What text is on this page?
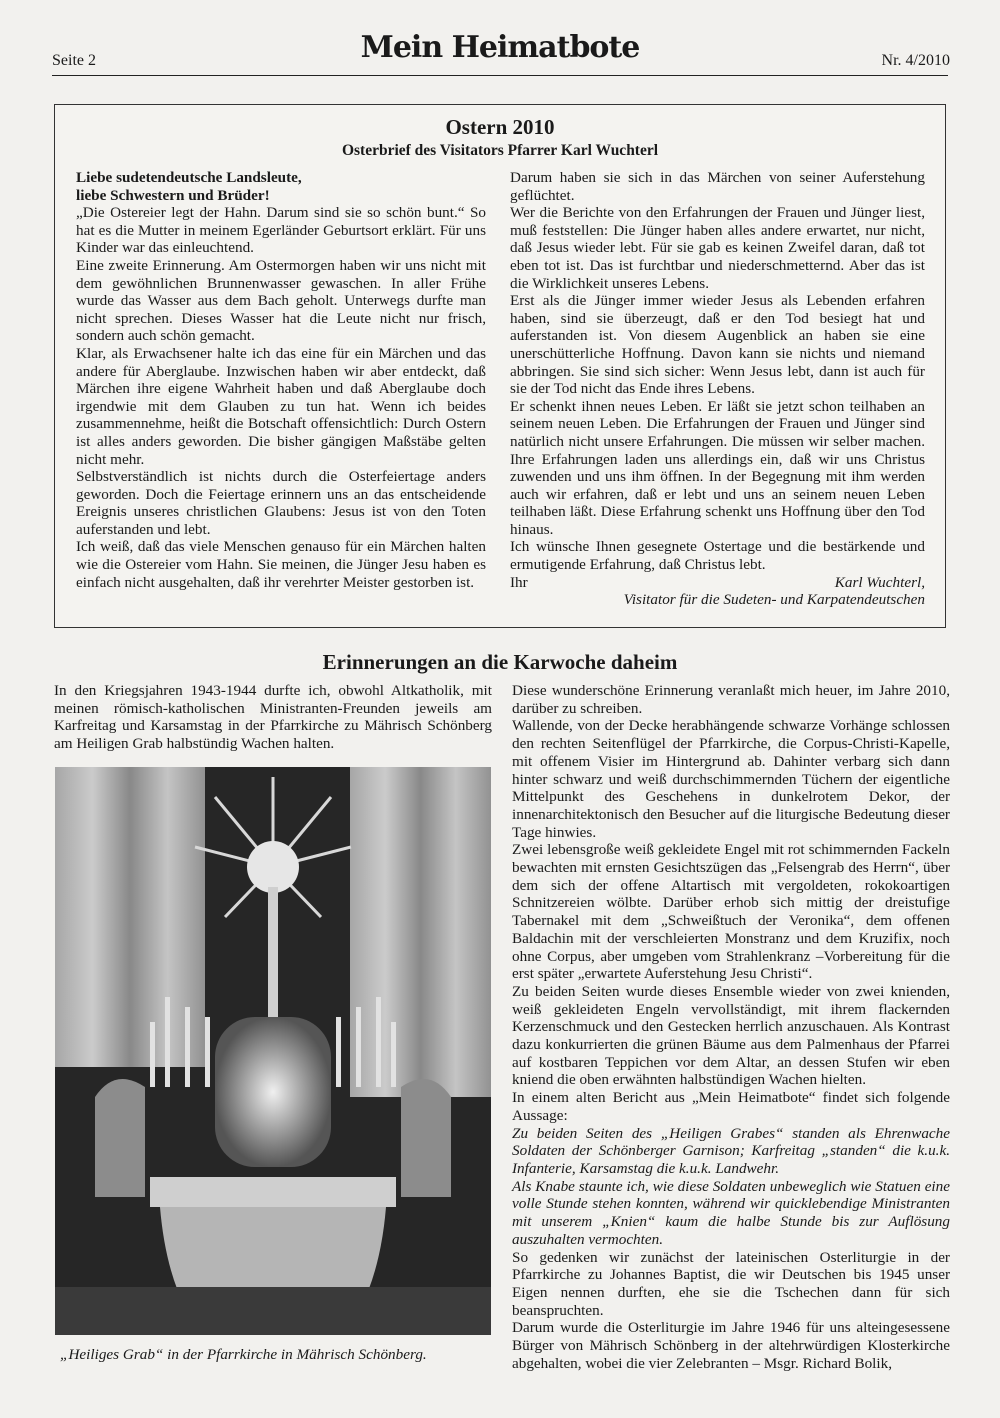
Seite 2	Mein Heimatbote	Nr. 4/2010
Ostern 2010
Osterbrief des Visitators Pfarrer Karl Wuchterl

Liebe sudetendeutsche Landsleute,

liebe Schwestern und Brüder!

„Die Ostereier legt der Hahn. Darum sind sie so schön bunt.“ So hat es die Mutter in meinem Egerländer Geburtsort erklärt. Für uns Kinder war das einleuchtend.

Eine zweite Erinnerung. Am Ostermorgen haben wir uns nicht mit dem gewöhnlichen Brunnenwasser gewaschen. In aller Frühe wurde das Wasser aus dem Bach geholt. Unterwegs durfte man nicht sprechen. Dieses Wasser hat die Leute nicht nur frisch, sondern auch schön gemacht.

Klar, als Erwachsener halte ich das eine für ein Märchen und das andere für Aberglaube. Inzwischen haben wir aber entdeckt, daß Märchen ihre eigene Wahrheit haben und daß Aberglaube doch irgendwie mit dem Glauben zu tun hat. Wenn ich beides zusammennehme, heißt die Botschaft offensichtlich: Durch Ostern ist alles anders geworden. Die bisher gängigen Maßstäbe gelten nicht mehr.

Selbstverständlich ist nichts durch die Osterfeiertage anders geworden. Doch die Feiertage erinnern uns an das entscheidende Ereignis unseres christlichen Glaubens: Jesus ist von den Toten auferstanden und lebt.

Ich weiß, daß das viele Menschen genauso für ein Märchen halten wie die Ostereier vom Hahn. Sie meinen, die Jünger Jesu haben es einfach nicht ausgehalten, daß ihr verehrter Meister gestorben ist.

Darum haben sie sich in das Märchen von seiner Auferstehung geflüchtet.

Wer die Berichte von den Erfahrungen der Frauen und Jünger liest, muß feststellen: Die Jünger haben alles andere erwartet, nur nicht, daß Jesus wieder lebt. Für sie gab es keinen Zweifel daran, daß tot eben tot ist. Das ist furchtbar und niederschmetternd. Aber das ist die Wirklichkeit unseres Lebens.

Erst als die Jünger immer wieder Jesus als Lebenden erfahren haben, sind sie überzeugt, daß er den Tod besiegt hat und auferstanden ist. Von diesem Augenblick an haben sie eine unerschütterliche Hoffnung. Davon kann sie nichts und niemand abbringen. Sie sind sich sicher: Wenn Jesus lebt, dann ist auch für sie der Tod nicht das Ende ihres Lebens.

Er schenkt ihnen neues Leben. Er läßt sie jetzt schon teilhaben an seinem neuen Leben. Die Erfahrungen der Frauen und Jünger sind natürlich nicht unsere Erfahrungen. Die müssen wir selber machen. Ihre Erfahrungen laden uns allerdings ein, daß wir uns Christus zuwenden und uns ihm öffnen. In der Begegnung mit ihm werden auch wir erfahren, daß er lebt und uns an seinem neuen Leben teilhaben läßt. Diese Erfahrung schenkt uns Hoffnung über den Tod hinaus.

Ich wünsche Ihnen gesegnete Ostertage und die bestärkende und ermutigende Erfahrung, daß Christus lebt.

Ihr	Karl Wuchterl,

Visitator für die Sudeten- und Karpatendeutschen

Erinnerungen an die Karwoche daheim

In den Kriegsjahren 1943-1944 durfte ich, obwohl Altkatholik, mit meinen römisch-katholischen Ministranten-Freunden jeweils am Karfreitag und Karsamstag in der Pfarrkirche zu Mährisch Schönberg am Heiligen Grab halbstündig Wachen halten.

„Heiliges Grab“ in der Pfarrkirche in Mährisch Schönberg.

Diese wunderschöne Erinnerung veranlaßt mich heuer, im Jahre 2010, darüber zu schreiben.

Wallende, von der Decke herabhängende schwarze Vorhänge schlossen den rechten Seitenflügel der Pfarrkirche, die Corpus-Christi-Kapelle, mit offenem Visier im Hintergrund ab. Dahinter verbarg sich dann hinter schwarz und weiß durchschimmernden Tüchern der eigentliche Mittelpunkt des Geschehens in dunkelrotem Dekor, der innenarchitektonisch den Besucher auf die liturgische Bedeutung dieser Tage hinwies.

Zwei lebensgroße weiß gekleidete Engel mit rot schimmernden Fackeln bewachten mit ernsten Gesichtszügen das „Felsengrab des Herrn“, über dem sich der offene Altartisch mit vergoldeten, rokokoartigen Schnitzereien wölbte. Darüber erhob sich mittig der dreistufige Tabernakel mit dem „Schweißtuch der Veronika“, dem offenen Baldachin mit der verschleierten Monstranz und dem Kruzifix, noch ohne Corpus, aber umgeben vom Strahlenkranz –Vorbereitung für die erst später „erwartete Auferstehung Jesu Christi“.

Zu beiden Seiten wurde dieses Ensemble wieder von zwei knienden, weiß gekleideten Engeln vervollständigt, mit ihrem flackernden Kerzenschmuck und den Gestecken herrlich anzuschauen. Als Kontrast dazu konkurrierten die grünen Bäume aus dem Palmenhaus der Pfarrei auf kostbaren Teppichen vor dem Altar, an dessen Stufen wir eben kniend die oben erwähnten halbstündigen Wachen hielten.

In einem alten Bericht aus „Mein Heimatbote“ findet sich folgende Aussage:

Zu beiden Seiten des „Heiligen Grabes“ standen als Ehrenwache Soldaten der Schönberger Garnison; Karfreitag „standen“ die k.u.k. Infanterie, Karsamstag die k.u.k. Landwehr.

Als Knabe staunte ich, wie diese Soldaten unbeweglich wie Statuen eine volle Stunde stehen konnten, während wir quicklebendige Ministranten mit unserem „Knien“ kaum die halbe Stunde bis zur Auflösung auszuhalten vermochten.

So gedenken wir zunächst der lateinischen Osterliturgie in der Pfarrkirche zu Johannes Baptist, die wir Deutschen bis 1945 unser Eigen nennen durften, ehe sie die Tschechen dann für sich beanspruchten.

Darum wurde die Osterliturgie im Jahre 1946 für uns alteingesessene Bürger von Mährisch Schönberg in der altehrwürdigen Klosterkirche abgehalten, wobei die vier Zelebranten – Msgr. Richard Bolik,
